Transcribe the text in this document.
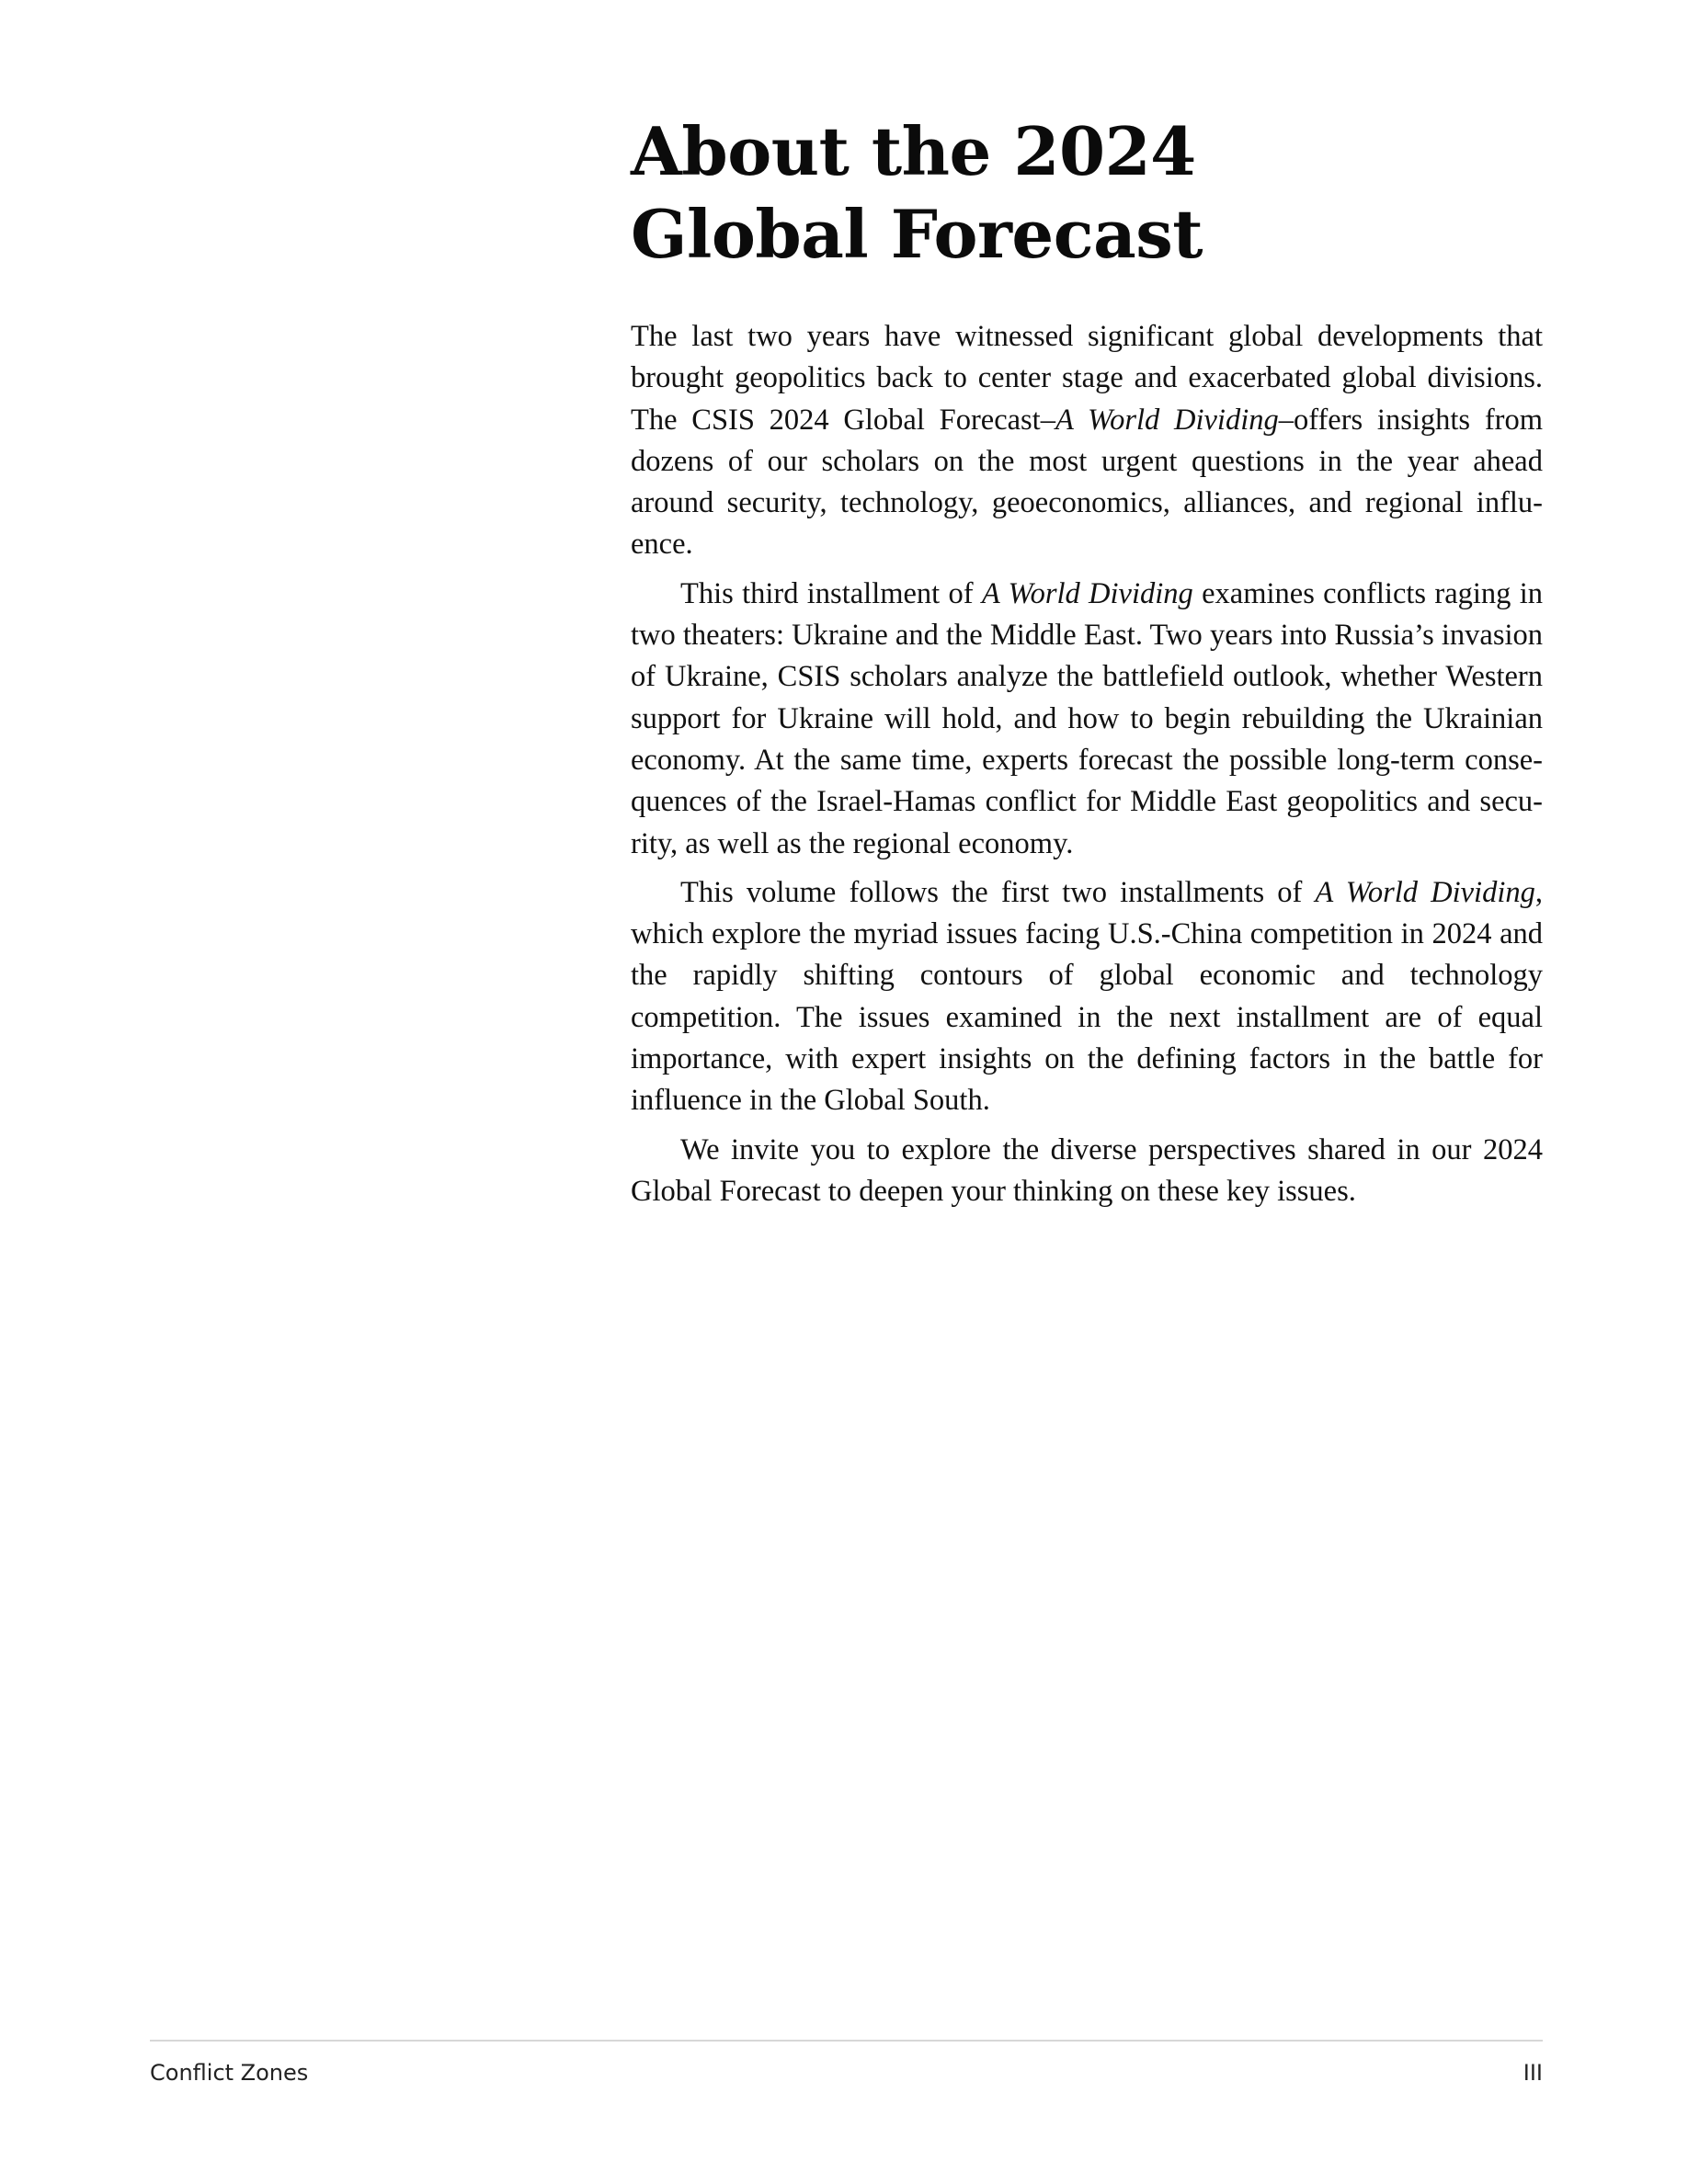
About the 2024
Global Forecast

The last two years have witnessed significant global developments that brought geopolitics back to center stage and exacerbated global divisions. The CSIS 2024 Global Forecast–A World Dividing–offers insights from dozens of our scholars on the most urgent questions in the year ahead around security, technology, geoeconomics, alliances, and regional influence.

This third installment of A World Dividing examines conflicts raging in two theaters: Ukraine and the Middle East. Two years into Russia’s invasion of Ukraine, CSIS scholars analyze the battlefield outlook, whether Western support for Ukraine will hold, and how to begin rebuilding the Ukrainian economy. At the same time, experts forecast the possible long-term consequences of the Israel-Hamas conflict for Middle East geopolitics and security, as well as the regional economy.

This volume follows the first two installments of A World Dividing, which explore the myriad issues facing U.S.-China competition in 2024 and the rapidly shifting contours of global economic and technology competition. The issues examined in the next installment are of equal importance, with expert insights on the defining factors in the battle for influence in the Global South.

We invite you to explore the diverse perspectives shared in our 2024 Global Forecast to deepen your thinking on these key issues.

Conflict Zones	III
